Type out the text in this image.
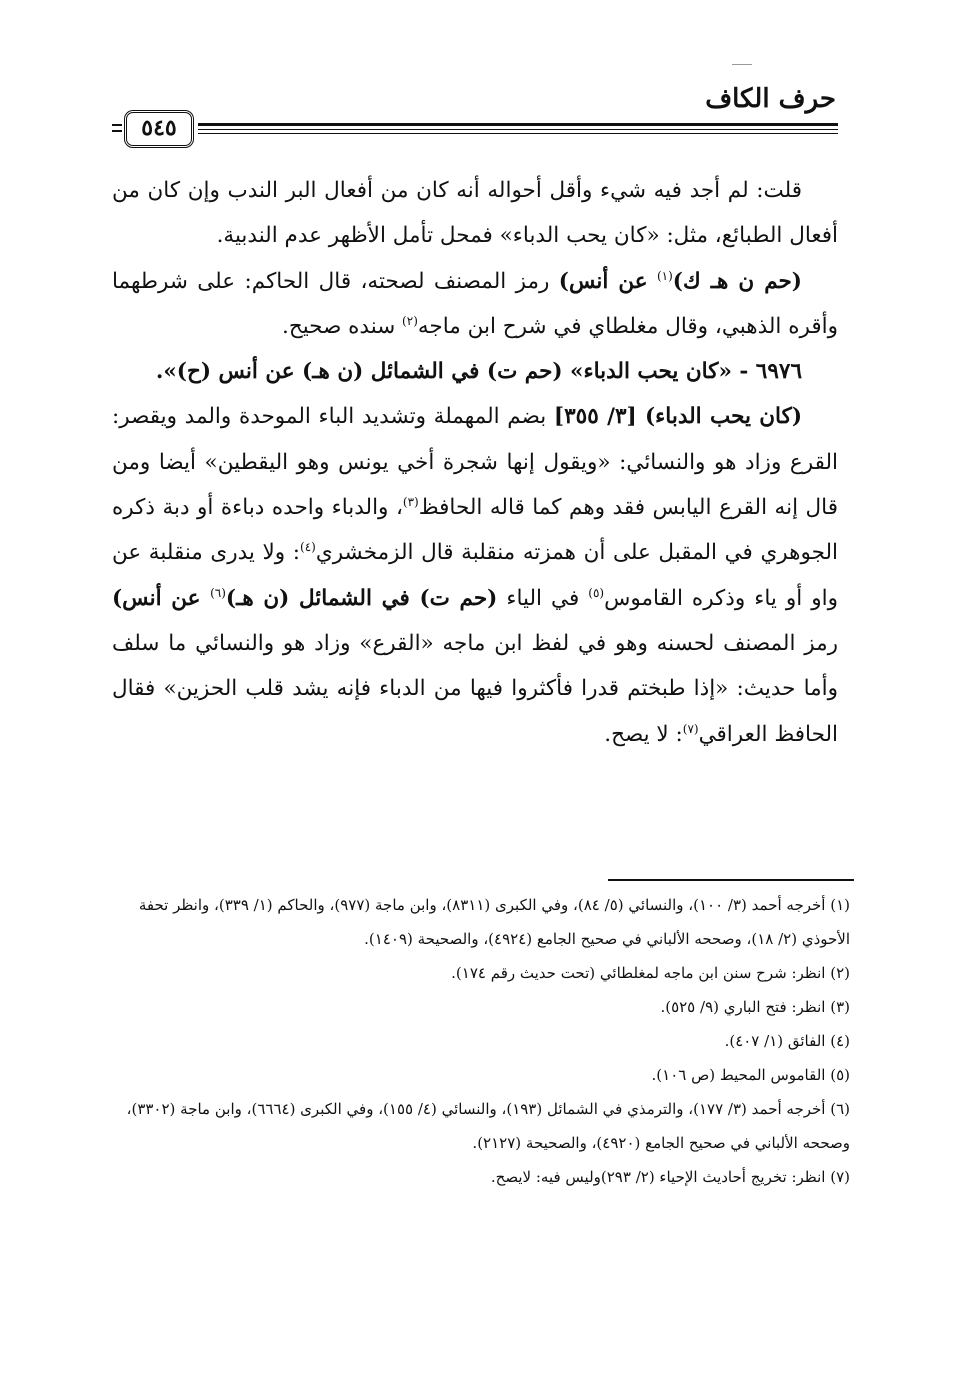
حرف الكاف
٥٤٥

قلت: لم أجد فيه شيء وأقل أحواله أنه كان من أفعال البر الندب وإن كان من أفعال الطبائع، مثل: «كان يحب الدباء» فمحل تأمل الأظهر عدم الندبية.

(حم ن هـ ك)$^{(١)}$ عن أنس) رمز المصنف لصحته، قال الحاكم: على شرطهما وأقره الذهبي، وقال مغلطاي في شرح ابن ماجه$^{(٢)}$ سنده صحيح.

٦٩٧٦ - «كان يحب الدباء» (حم ت) في الشمائل (ن هـ) عن أنس (ح)».

(كان يحب الدباء) [٣/ ٣٥٥] بضم المهملة وتشديد الباء الموحدة والمد ويقصر: القرع وزاد هو والنسائي: «ويقول إنها شجرة أخي يونس وهو اليقطين» أيضا ومن قال إنه القرع اليابس فقد وهم كما قاله الحافظ$^{(٣)}$، والدباء واحده دباءة أو دبة ذكره الجوهري في المقبل على أن همزته منقلبة قال الزمخشري$^{(٤)}$: ولا يدرى منقلبة عن واو أو ياء وذكره القاموس$^{(٥)}$ في الياء (حم ت) في الشمائل (ن هـ)$^{(٦)}$ عن أنس) رمز المصنف لحسنه وهو في لفظ ابن ماجه «القرع» وزاد هو والنسائي ما سلف وأما حديث: «إذا طبختم قدرا فأكثروا فيها من الدباء فإنه يشد قلب الحزين» فقال الحافظ العراقي$^{(٧)}$: لا يصح.

(١) أخرجه أحمد (٣/ ١٠٠)، والنسائي (٥/ ٨٤)، وفي الكبرى (٨٣١١)، وابن ماجة (٩٧٧)، والحاكم (١/ ٣٣٩)، وانظر تحفة الأحوذي (٢/ ١٨)، وصححه الألباني في صحيح الجامع (٤٩٢٤)، والصحيحة (١٤٠٩).

(٢) انظر: شرح سنن ابن ماجه لمغلطائي (تحت حديث رقم ١٧٤).

(٣) انظر: فتح الباري (٩/ ٥٢٥).

(٤) الفائق (١/ ٤٠٧).

(٥) القاموس المحيط (ص ١٠٦).

(٦) أخرجه أحمد (٣/ ١٧٧)، والترمذي في الشمائل (١٩٣)، والنسائي (٤/ ١٥٥)، وفي الكبرى (٦٦٦٤)، وابن ماجة (٣٣٠٢)، وصححه الألباني في صحيح الجامع (٤٩٢٠)، والصحيحة (٢١٢٧).

(٧) انظر: تخريج أحاديث الإحياء (٢/ ٢٩٣)وليس فيه: لايصح.
